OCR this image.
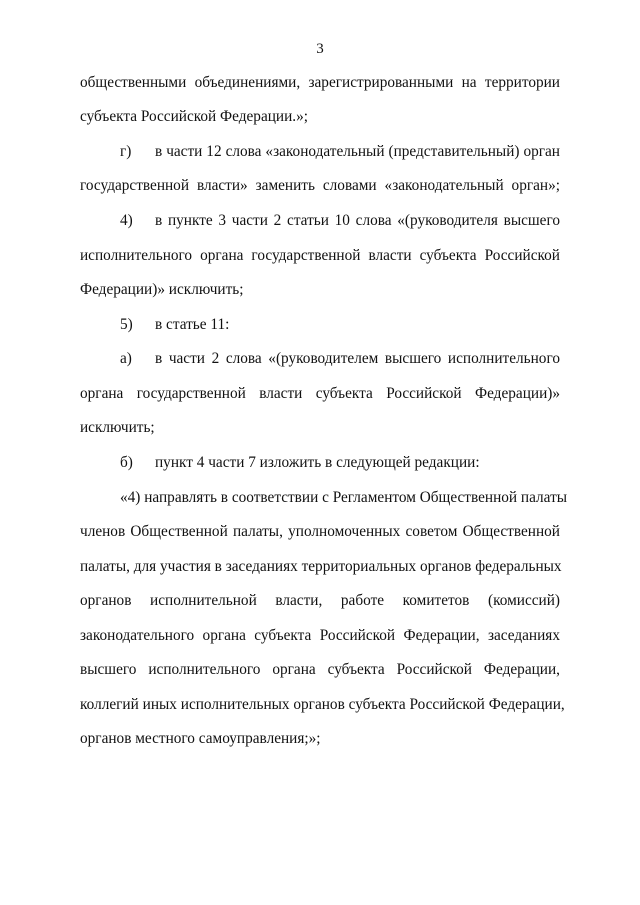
3
общественными объединениями, зарегистрированными на территории
субъекта Российской Федерации.»;
г) в части 12 слова «законодательный (представительный) орган
государственной власти» заменить словами «законодательный орган»;
4) в пункте 3 части 2 статьи 10 слова «(руководителя высшего
исполнительного органа государственной власти субъекта Российской
Федерации)» исключить;
5) в статье 11:
а) в части 2 слова «(руководителем высшего исполнительного
органа государственной власти субъекта Российской Федерации)»
исключить;
б) пункт 4 части 7 изложить в следующей редакции:
«4) направлять в соответствии с Регламентом Общественной палаты
членов Общественной палаты, уполномоченных советом Общественной
палаты, для участия в заседаниях территориальных органов федеральных
органов исполнительной власти, работе комитетов (комиссий)
законодательного органа субъекта Российской Федерации, заседаниях
высшего исполнительного органа субъекта Российской Федерации,
коллегий иных исполнительных органов субъекта Российской Федерации,
органов местного самоуправления;»;
